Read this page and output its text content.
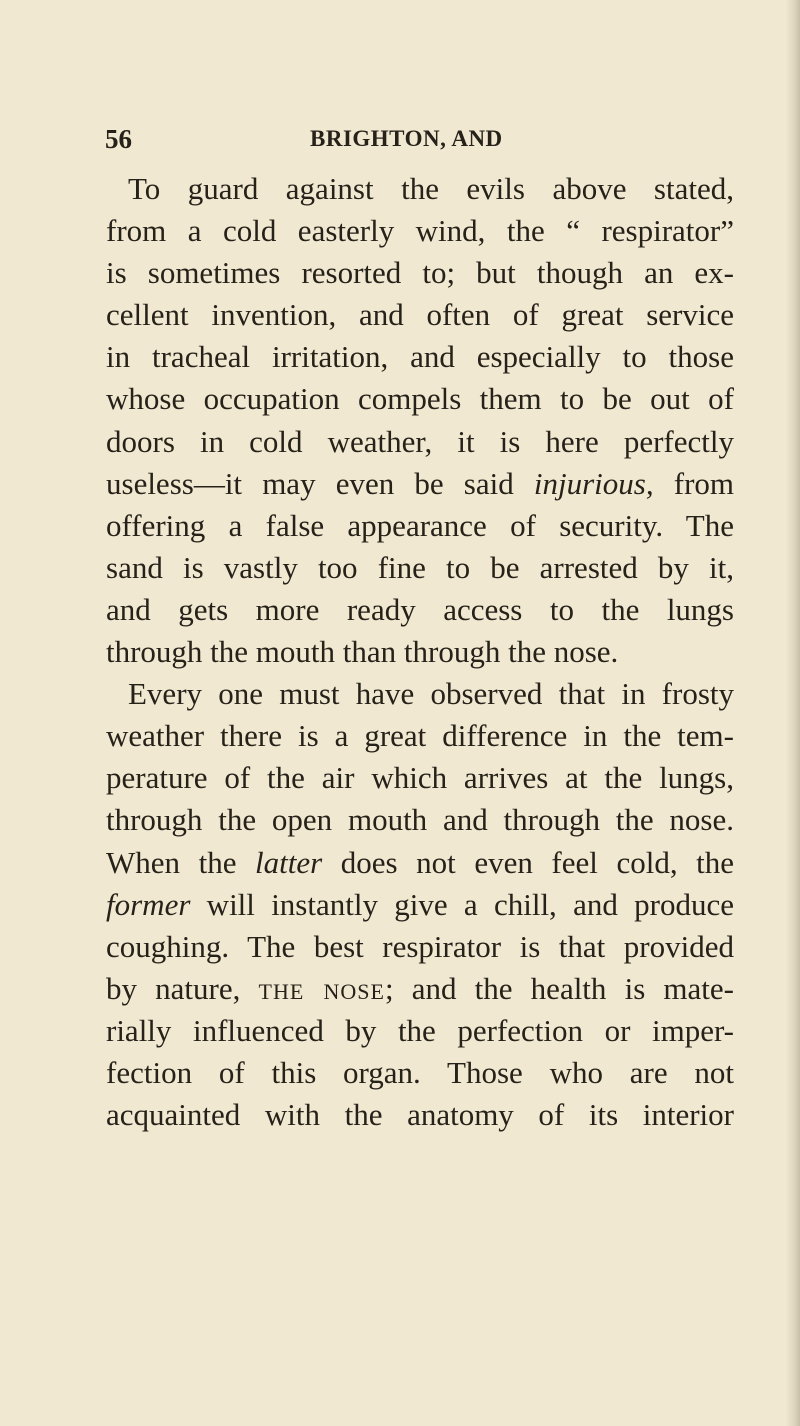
56	BRIGHTON, AND
To guard against the evils above stated,
from a cold easterly wind, the “ respirator”
is sometimes resorted to; but though an ex-
cellent invention, and often of great service
in tracheal irritation, and especially to those
whose occupation compels them to be out of
doors in cold weather, it is here perfectly
useless—it may even be said injurious, from
offering a false appearance of security. The
sand is vastly too fine to be arrested by it,
and gets more ready access to the lungs
through the mouth than through the nose.
Every one must have observed that in frosty
weather there is a great difference in the tem-
perature of the air which arrives at the lungs,
through the open mouth and through the nose.
When the latter does not even feel cold, the
former will instantly give a chill, and produce
coughing. The best respirator is that provided
by nature, the nose; and the health is mate-
rially influenced by the perfection or imper-
fection of this organ. Those who are not
acquainted with the anatomy of its interior
